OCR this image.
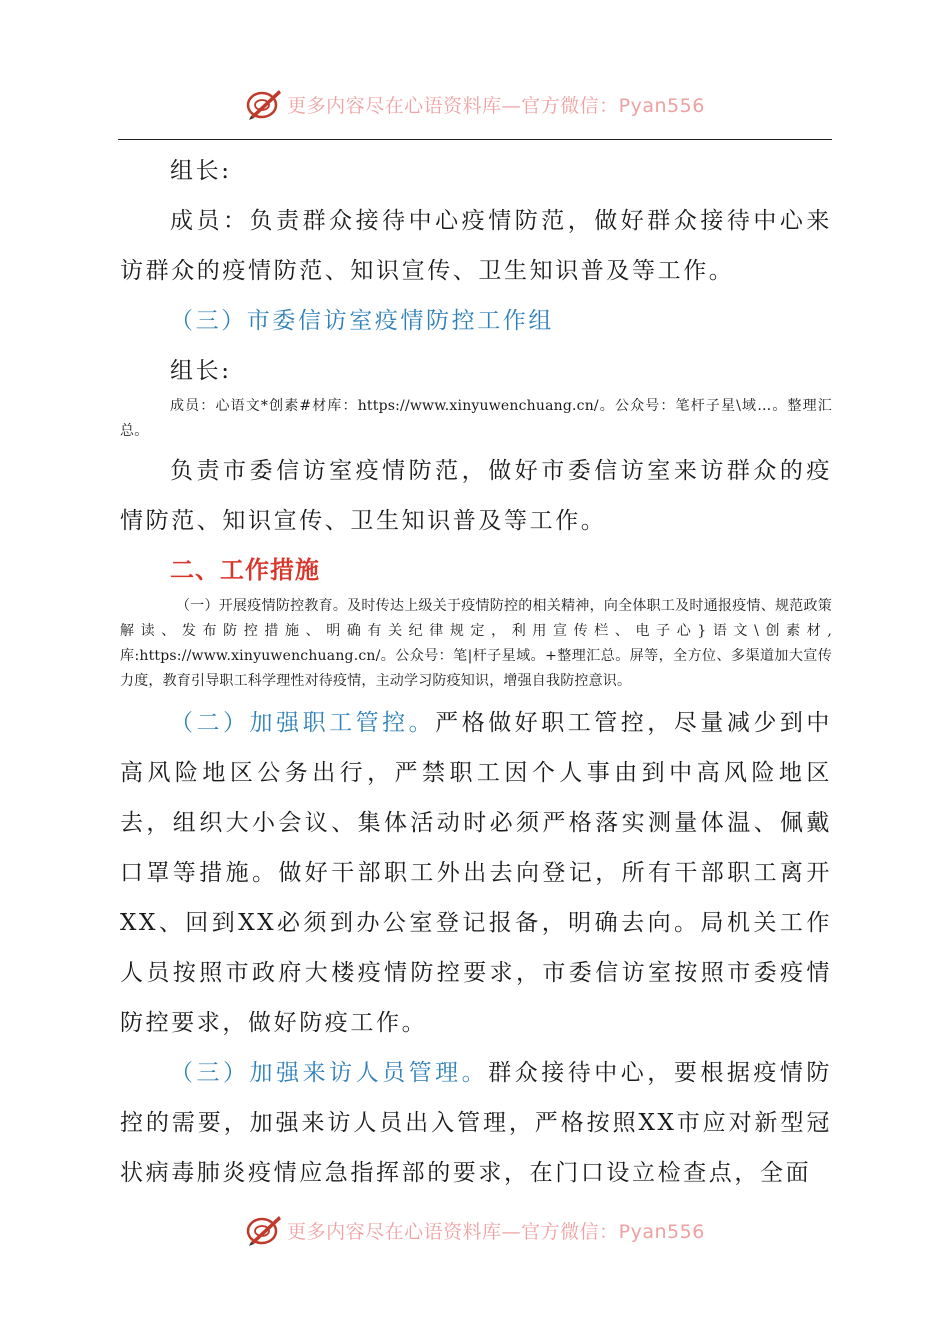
更多内容尽在心语资料库—官方微信：Pyan556

组长:

成员：负责群众接待中心疫情防范，做好群众接待中心来访群众的疫情防范、知识宣传、卫生知识普及等工作。

（三）市委信访室疫情防控工作组

组长:

成员：心语文*创素#材库：https://www.xinyuwenchuang.cn/。公众号：笔杆子星\域…。整理汇总。

负责市委信访室疫情防范，做好市委信访室来访群众的疫情防范、知识宣传、卫生知识普及等工作。

二、工作措施

（一）开展疫情防控教育。及时传达上级关于疫情防控的相关精神，向全体职工及时通报疫情、规范政策解读、发布防控措施、明确有关纪律规定，利用宣传栏、电子心}语文\创素材,库:https://www.xinyuwenchuang.cn/。公众号：笔|杆子星域。+整理汇总。屏等，全方位、多渠道加大宣传力度，教育引导职工科学理性对待疫情，主动学习防疫知识，增强自我防控意识。

（二）加强职工管控。严格做好职工管控，尽量减少到中高风险地区公务出行，严禁职工因个人事由到中高风险地区去，组织大小会议、集体活动时必须严格落实测量体温、佩戴口罩等措施。做好干部职工外出去向登记，所有干部职工离开XX、回到XX必须到办公室登记报备，明确去向。局机关工作人员按照市政府大楼疫情防控要求，市委信访室按照市委疫情防控要求，做好防疫工作。

（三）加强来访人员管理。群众接待中心，要根据疫情防控的需要，加强来访人员出入管理，严格按照XX市应对新型冠状病毒肺炎疫情应急指挥部的要求，在门口设立检查点，全面

更多内容尽在心语资料库—官方微信：Pyan556
